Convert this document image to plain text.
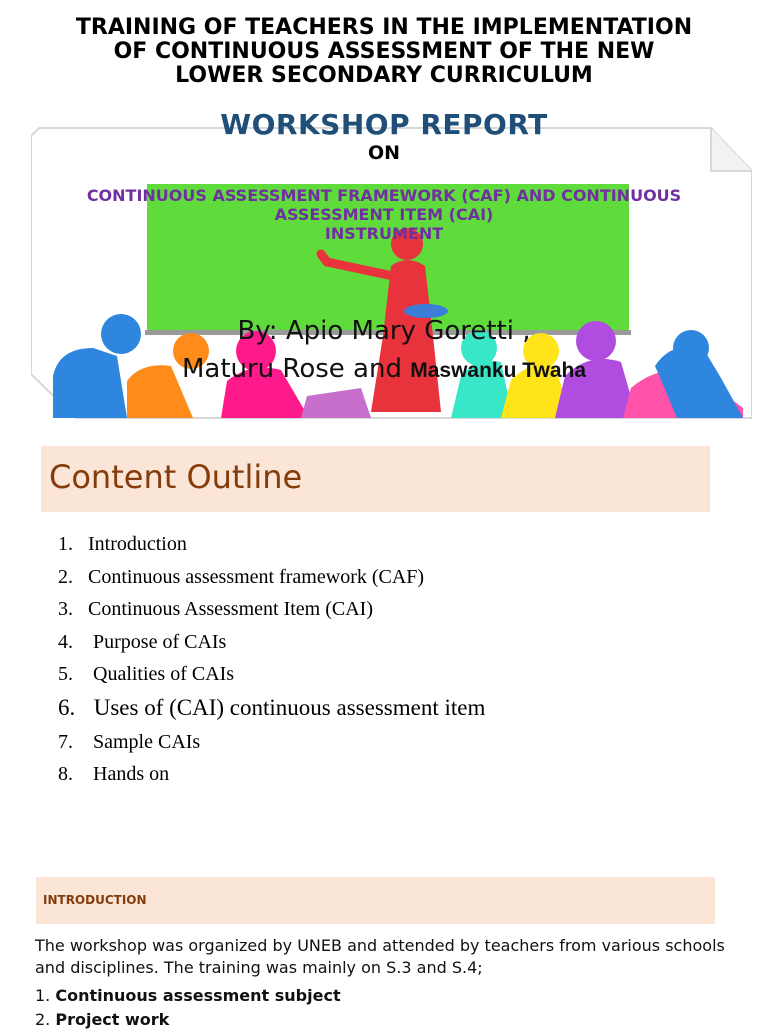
TRAINING OF TEACHERS IN THE IMPLEMENTATION
OF CONTINUOUS ASSESSMENT OF THE NEW
LOWER SECONDARY CURRICULUM
WORKSHOP REPORT
ON
CONTINUOUS ASSESSMENT FRAMEWORK (CAF) AND CONTINUOUS
ASSESSMENT ITEM (CAI)
INSTRUMENT
By: Apio Mary Goretti ,
Maturu Rose and Maswanku Twaha
Content Outline
1. Introduction
2. Continuous assessment framework (CAF)
3. Continuous Assessment Item (CAI)
4. Purpose of CAIs
5. Qualities of CAIs
6. Uses of (CAI) continuous assessment item
7. Sample CAIs
8. Hands on
INTRODUCTION

The workshop was organized by UNEB and attended by teachers from various schools and disciplines. The training was mainly on S.3 and S.4;

1. Continuous assessment subject
2. Project work
